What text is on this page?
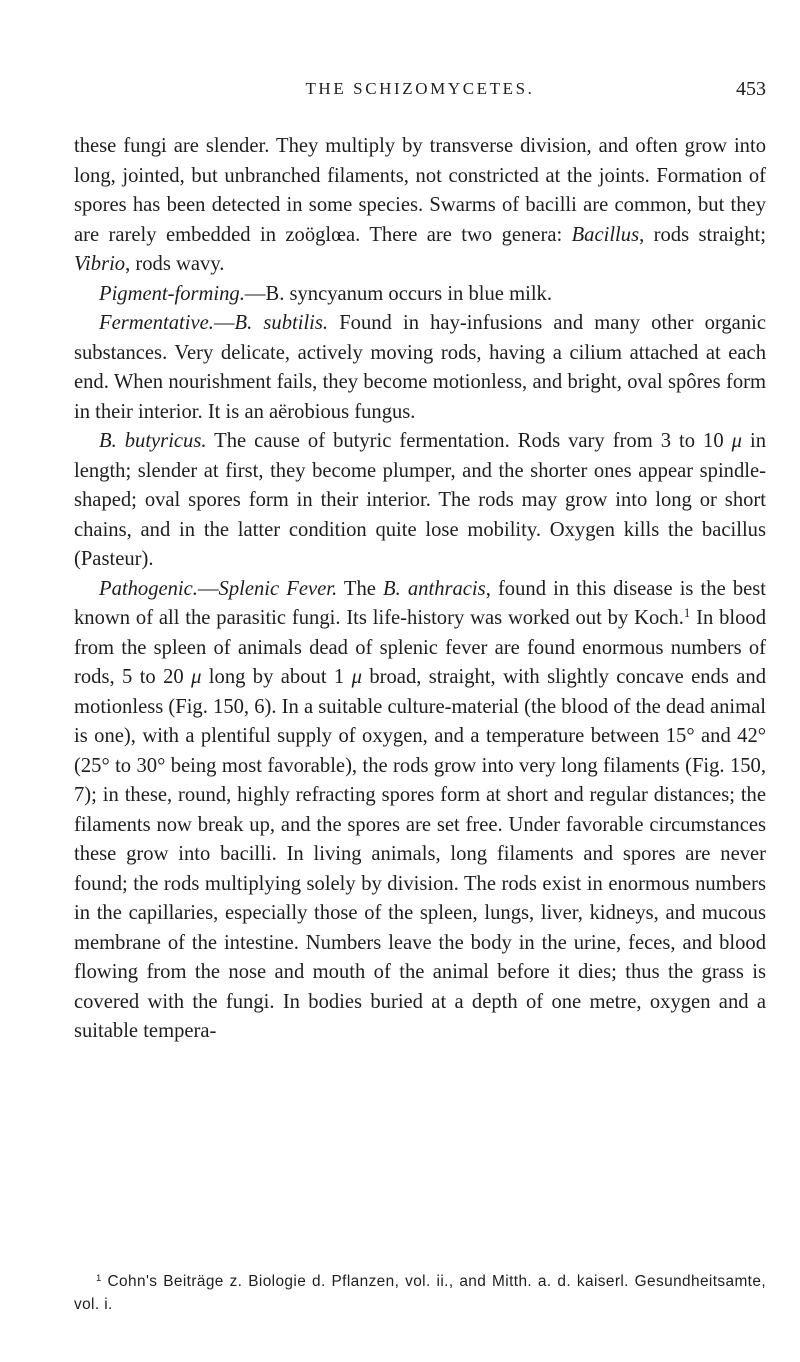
THE SCHIZOMYCETES.	453

these fungi are slender. They multiply by transverse division, and often grow into long, jointed, but unbranched filaments, not constricted at the joints. Formation of spores has been detected in some species. Swarms of bacilli are common, but they are rarely embedded in zoöglœa. There are two genera: Bacillus, rods straight; Vibrio, rods wavy.

Pigment-forming.—B. syncyanum occurs in blue milk.

Fermentative.—B. subtilis. Found in hay-infusions and many other organic substances. Very delicate, actively moving rods, having a cilium attached at each end. When nourishment fails, they become motionless, and bright, oval spôres form in their interior. It is an aërobious fungus.

B. butyricus. The cause of butyric fermentation. Rods vary from 3 to 10 μ in length; slender at first, they become plumper, and the shorter ones appear spindle-shaped; oval spores form in their interior. The rods may grow into long or short chains, and in the latter condition quite lose mobility. Oxygen kills the bacillus (Pasteur).

Pathogenic.—Splenic Fever. The B. anthracis, found in this disease is the best known of all the parasitic fungi. Its life-history was worked out by Koch.$^1$ In blood from the spleen of animals dead of splenic fever are found enormous numbers of rods, 5 to 20 μ long by about 1 μ broad, straight, with slightly concave ends and motionless (Fig. 150, 6). In a suitable culture-material (the blood of the dead animal is one), with a plentiful supply of oxygen, and a temperature between 15° and 42° (25° to 30° being most favorable), the rods grow into very long filaments (Fig. 150, 7); in these, round, highly refracting spores form at short and regular distances; the filaments now break up, and the spores are set free. Under favorable circumstances these grow into bacilli. In living animals, long filaments and spores are never found; the rods multiplying solely by division. The rods exist in enormous numbers in the capillaries, especially those of the spleen, lungs, liver, kidneys, and mucous membrane of the intestine. Numbers leave the body in the urine, feces, and blood flowing from the nose and mouth of the animal before it dies; thus the grass is covered with the fungi. In bodies buried at a depth of one metre, oxygen and a suitable tempera-

$^1$ Cohn's Beiträge z. Biologie d. Pflanzen, vol. ii., and Mitth. a. d. kaiserl. Gesundheitsamte, vol. i.
